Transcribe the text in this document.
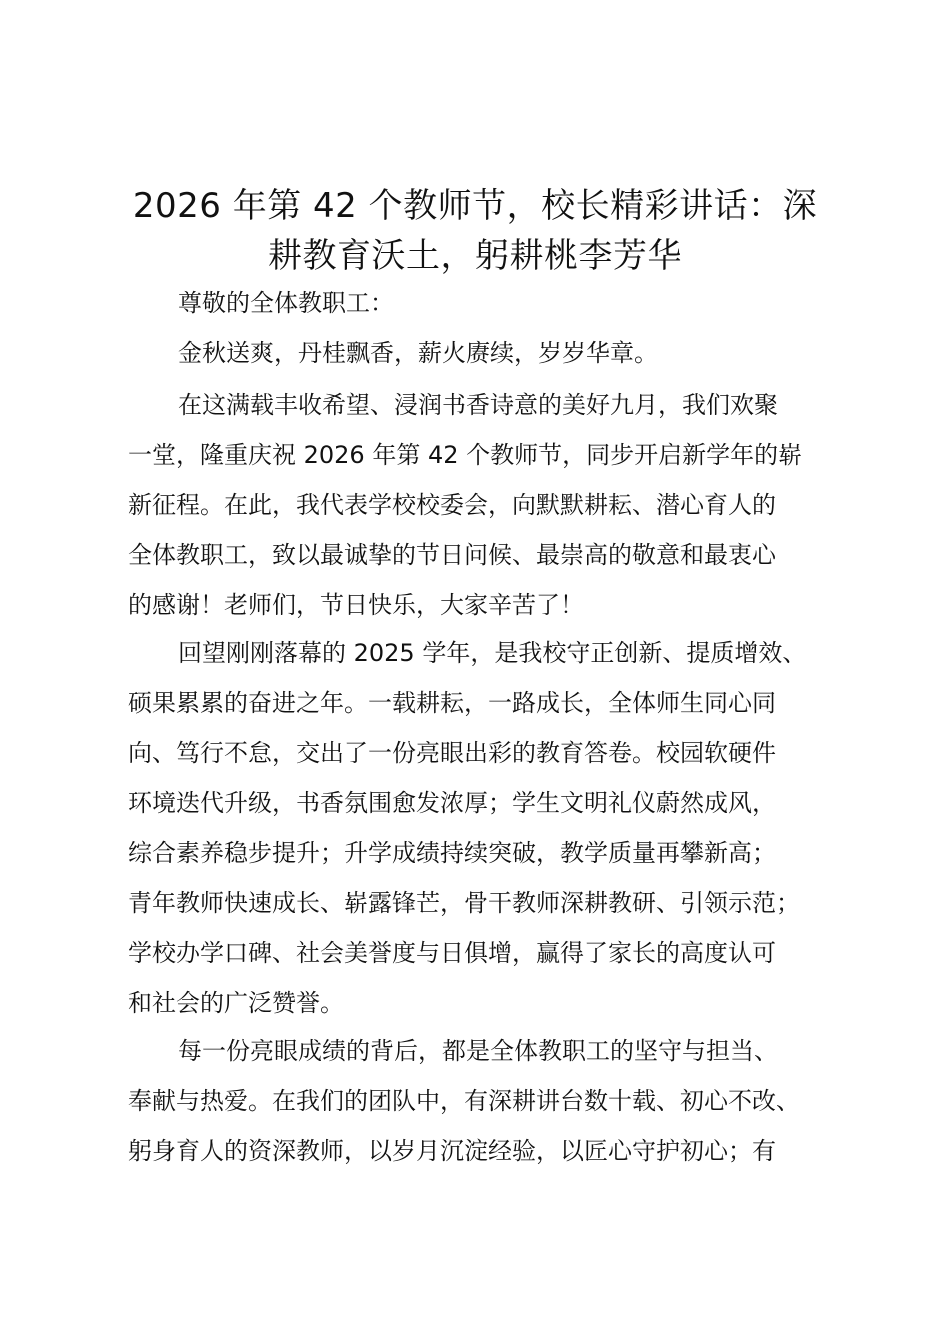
2026 年第 42 个教师节，校长精彩讲话：深
耕教育沃土，躬耕桃李芳华
尊敬的全体教职工：
金秋送爽，丹桂飘香，薪火赓续，岁岁华章。
在这满载丰收希望、浸润书香诗意的美好九月，我们欢聚
一堂，隆重庆祝 2026 年第 42 个教师节，同步开启新学年的崭
新征程。在此，我代表学校校委会，向默默耕耘、潜心育人的
全体教职工，致以最诚挚的节日问候、最崇高的敬意和最衷心
的感谢！老师们，节日快乐，大家辛苦了！
回望刚刚落幕的 2025 学年，是我校守正创新、提质增效、
硕果累累的奋进之年。一载耕耘，一路成长，全体师生同心同
向、笃行不怠，交出了一份亮眼出彩的教育答卷。校园软硬件
环境迭代升级，书香氛围愈发浓厚；学生文明礼仪蔚然成风，
综合素养稳步提升；升学成绩持续突破，教学质量再攀新高；
青年教师快速成长、崭露锋芒，骨干教师深耕教研、引领示范；
学校办学口碑、社会美誉度与日俱增，赢得了家长的高度认可
和社会的广泛赞誉。
每一份亮眼成绩的背后，都是全体教职工的坚守与担当、
奉献与热爱。在我们的团队中，有深耕讲台数十载、初心不改、
躬身育人的资深教师，以岁月沉淀经验，以匠心守护初心；有
